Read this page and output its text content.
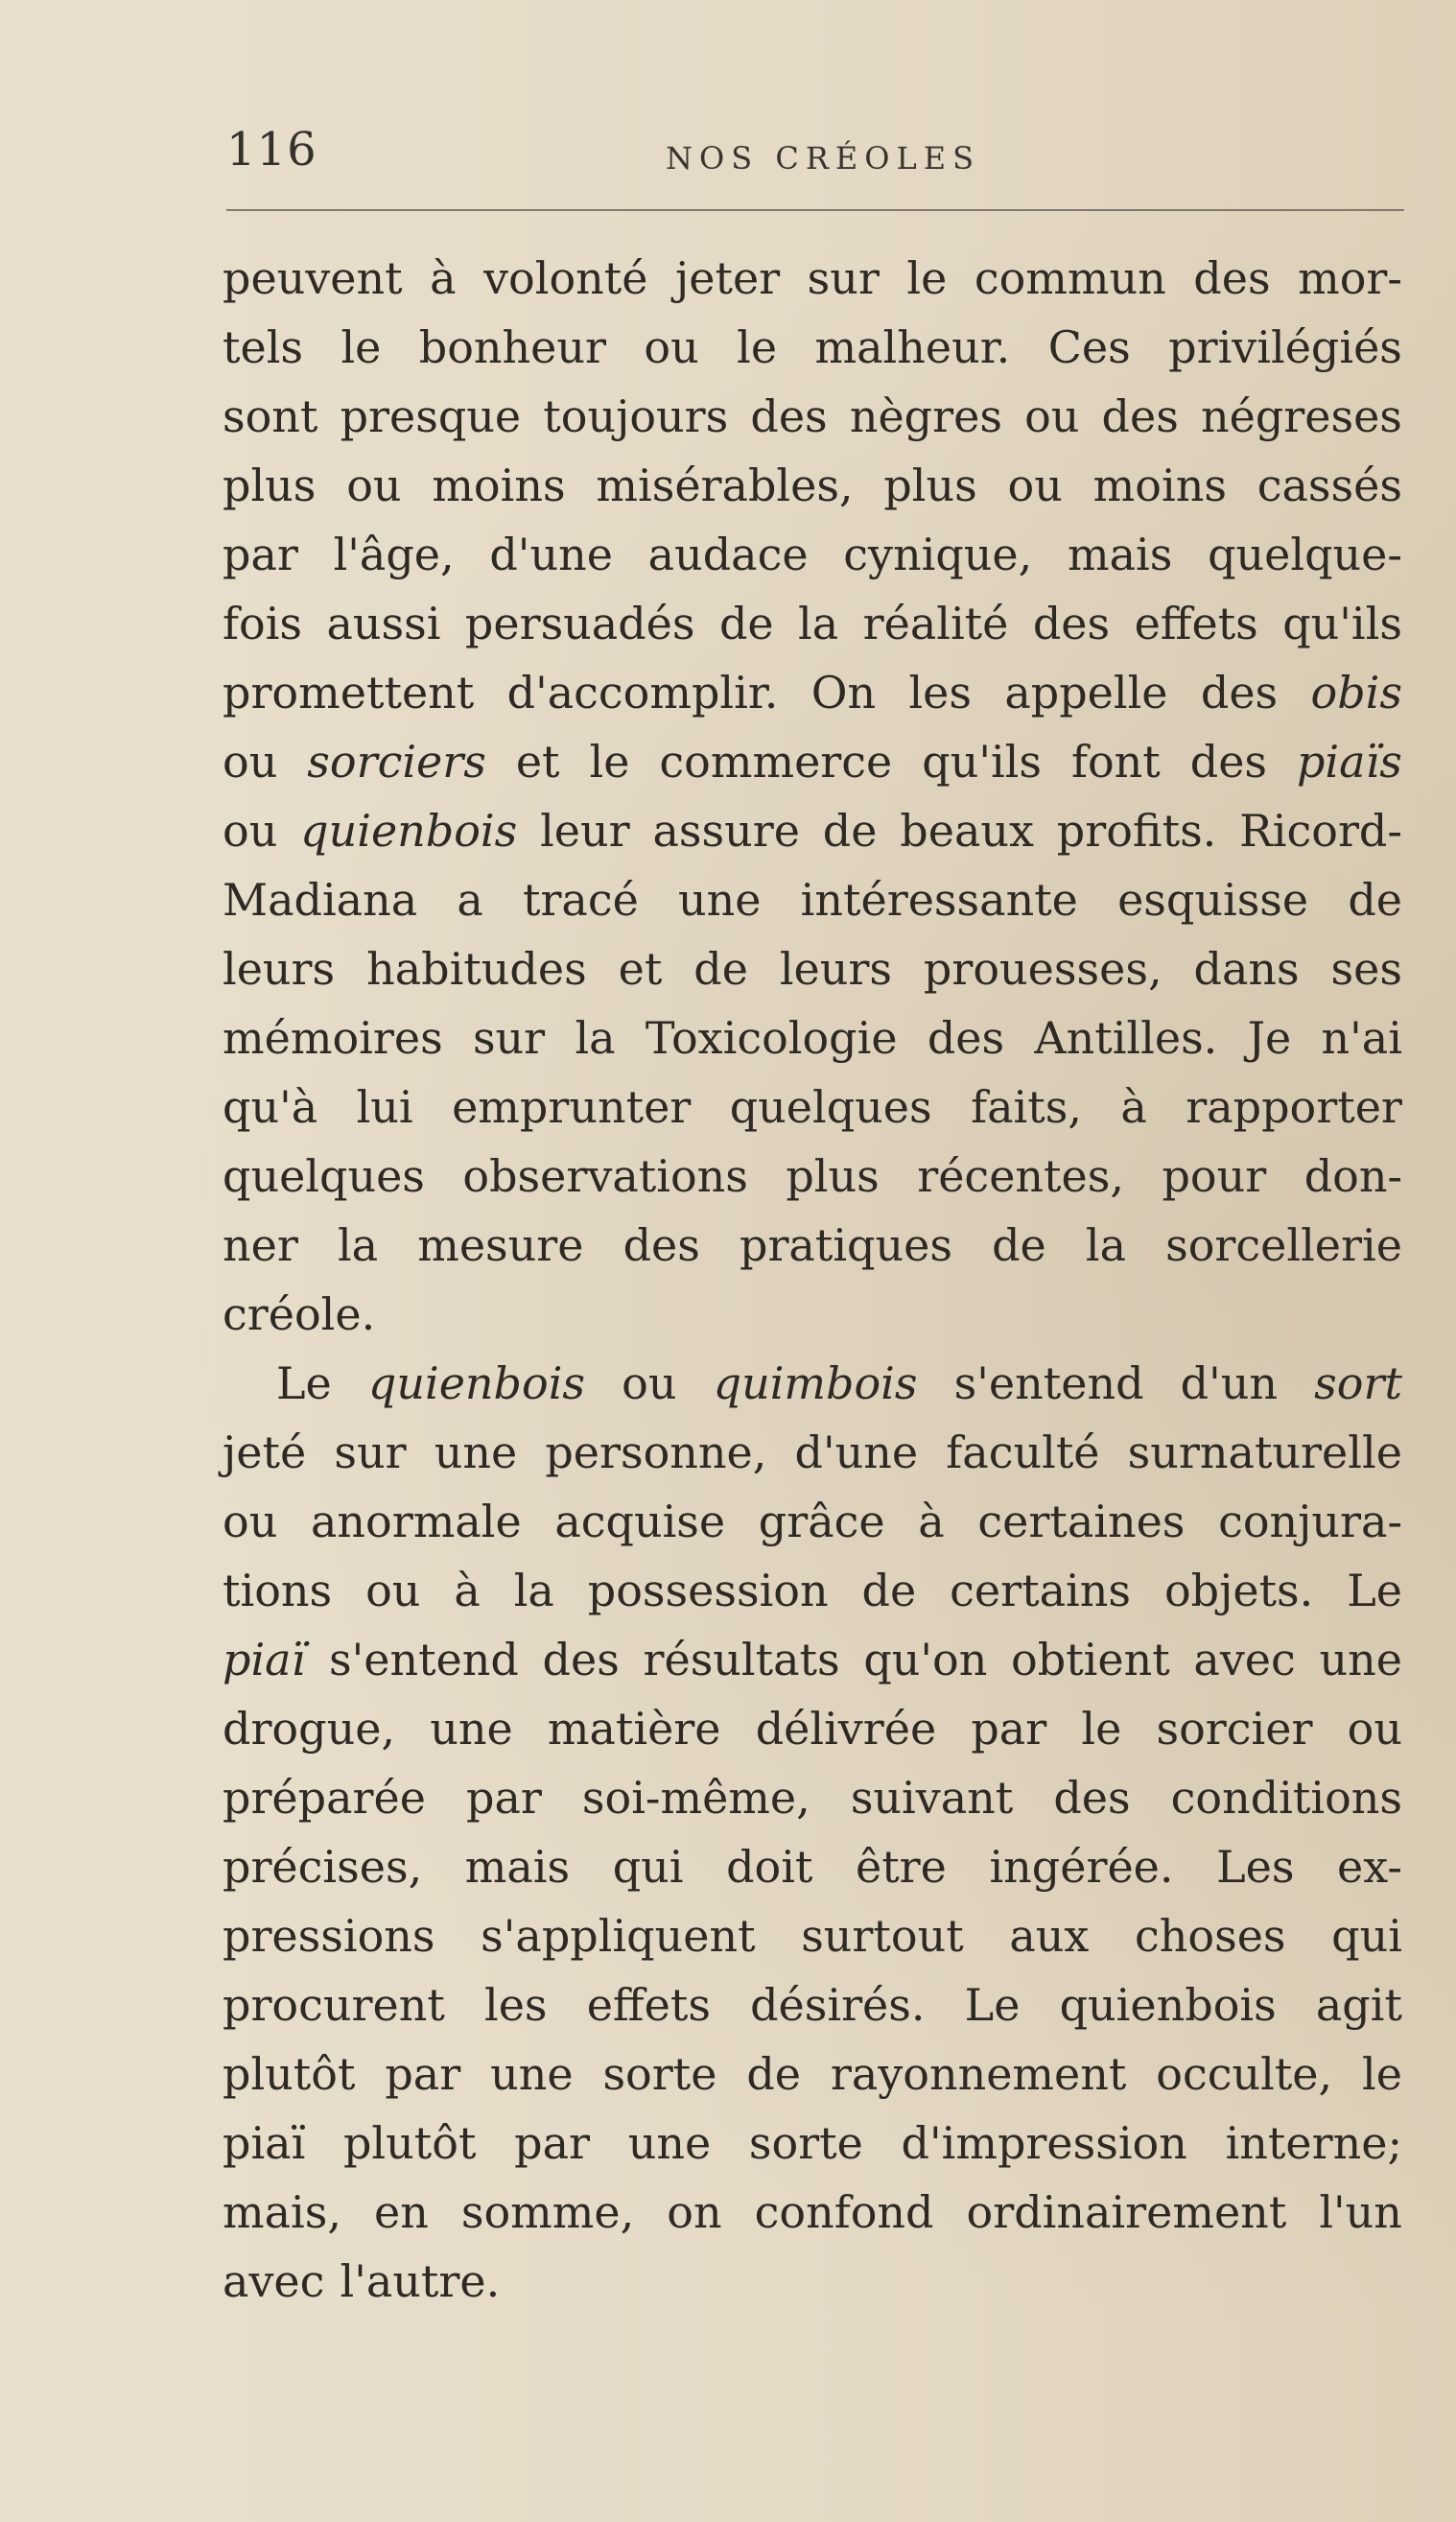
116	NOS CRÉOLES
peuvent à volonté jeter sur le commun des mor-
tels le bonheur ou le malheur. Ces privilégiés
sont presque toujours des nègres ou des négreses
plus ou moins misérables, plus ou moins cassés
par l'âge, d'une audace cynique, mais quelque-
fois aussi persuadés de la réalité des effets qu'ils
promettent d'accomplir. On les appelle des obis
ou sorciers et le commerce qu'ils font des piaïs
ou quienbois leur assure de beaux profits. Ricord-
Madiana a tracé une intéressante esquisse de
leurs habitudes et de leurs prouesses, dans ses
mémoires sur la Toxicologie des Antilles. Je n'ai
qu'à lui emprunter quelques faits, à rapporter
quelques observations plus récentes, pour don-
ner la mesure des pratiques de la sorcellerie
créole.
Le quienbois ou quimbois s'entend d'un sort
jeté sur une personne, d'une faculté surnaturelle
ou anormale acquise grâce à certaines conjura-
tions ou à la possession de certains objets. Le
piaï s'entend des résultats qu'on obtient avec une
drogue, une matière délivrée par le sorcier ou
préparée par soi-même, suivant des conditions
précises, mais qui doit être ingérée. Les ex-
pressions s'appliquent surtout aux choses qui
procurent les effets désirés. Le quienbois agit
plutôt par une sorte de rayonnement occulte, le
piaï plutôt par une sorte d'impression interne;
mais, en somme, on confond ordinairement l'un
avec l'autre.
